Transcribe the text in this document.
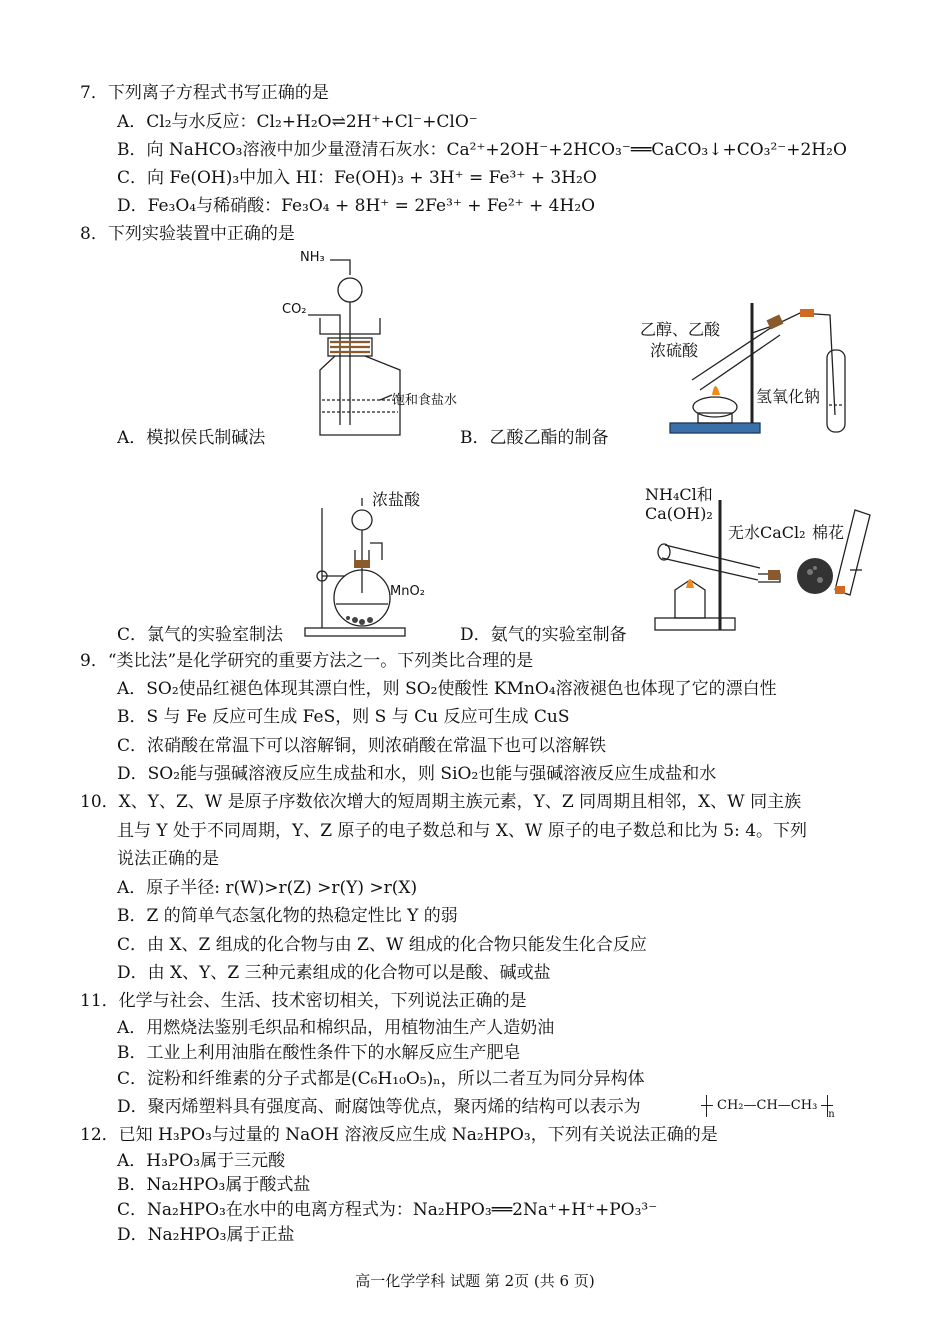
7．下列离子方程式书写正确的是
A．Cl₂与水反应：Cl₂+H₂O⇌2H⁺+Cl⁻+ClO⁻
B．向 NaHCO₃溶液中加少量澄清石灰水：Ca²⁺+2OH⁻+2HCO₃⁻══CaCO₃↓+CO₃²⁻+2H₂O
C．向 Fe(OH)₃中加入 HI：Fe(OH)₃ + 3H⁺ = Fe³⁺ + 3H₂O
D．Fe₃O₄与稀硝酸：Fe₃O₄ + 8H⁺ = 2Fe³⁺ + Fe²⁺ + 4H₂O
8．下列实验装置中正确的是
NH₃
CO₂
饱和食盐水
A．模拟侯氏制碱法
乙醇、乙酸
浓硫酸
氢氧化钠
B．乙酸乙酯的制备
浓盐酸
MnO₂
C．氯气的实验室制法
NH₄Cl和
Ca(OH)₂
无水CaCl₂ 棉花
D．氨气的实验室制备
9．“类比法”是化学研究的重要方法之一。下列类比合理的是
A．SO₂使品红褪色体现其漂白性，则 SO₂使酸性 KMnO₄溶液褪色也体现了它的漂白性
B．S 与 Fe 反应可生成 FeS，则 S 与 Cu 反应可生成 CuS
C．浓硝酸在常温下可以溶解铜，则浓硝酸在常温下也可以溶解铁
D．SO₂能与强碱溶液反应生成盐和水，则 SiO₂也能与强碱溶液反应生成盐和水
10．X、Y、Z、W 是原子序数依次增大的短周期主族元素，Y、Z 同周期且相邻，X、W 同主族
且与 Y 处于不同周期，Y、Z 原子的电子数总和与 X、W 原子的电子数总和比为 5: 4。下列
说法正确的是
A．原子半径: r(W)>r(Z) >r(Y) >r(X)
B．Z 的简单气态氢化物的热稳定性比 Y 的弱
C．由 X、Z 组成的化合物与由 Z、W 组成的化合物只能发生化合反应
D．由 X、Y、Z 三种元素组成的化合物可以是酸、碱或盐
11．化学与社会、生活、技术密切相关，下列说法正确的是
A．用燃烧法鉴别毛织品和棉织品，用植物油生产人造奶油
B．工业上利用油脂在酸性条件下的水解反应生产肥皂
C．淀粉和纤维素的分子式都是(C₆H₁₀O₅)ₙ，所以二者互为同分异构体
D．聚丙烯塑料具有强度高、耐腐蚀等优点，聚丙烯的结构可以表示为	CH₂—CH—CH₃
$_n$
12．已知 H₃PO₃与过量的 NaOH 溶液反应生成 Na₂HPO₃，下列有关说法正确的是
A．H₃PO₃属于三元酸
B．Na₂HPO₃属于酸式盐
C．Na₂HPO₃在水中的电离方程式为：Na₂HPO₃══2Na⁺+H⁺+PO₃³⁻
D．Na₂HPO₃属于正盐
高一化学学科 试题 第 2页 (共 6 页)
